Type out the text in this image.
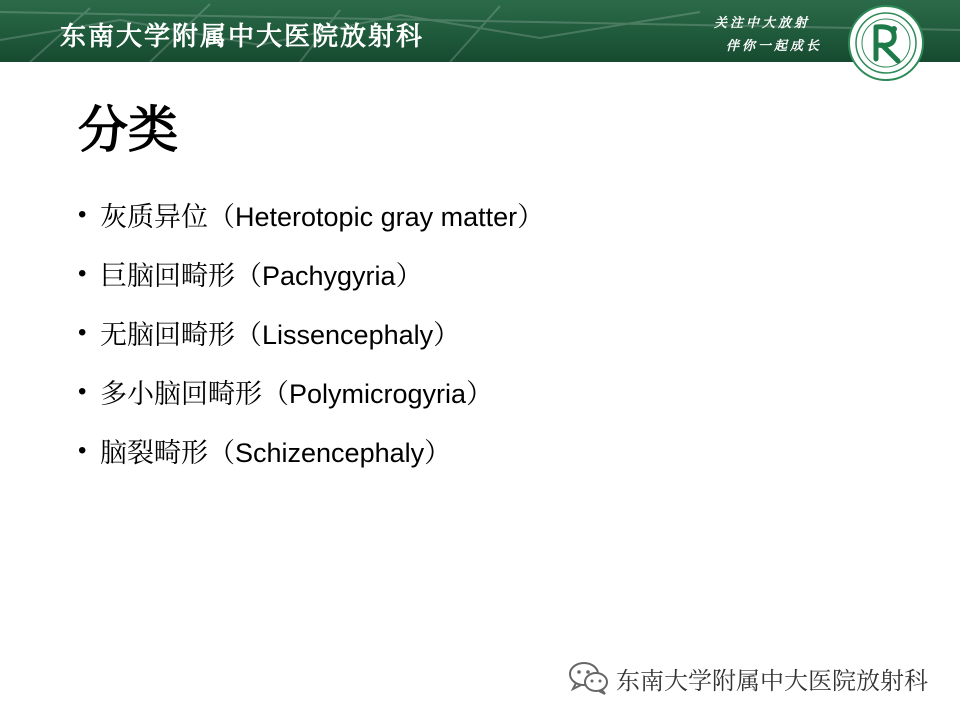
东南大学附属中大医院放射科	关注中大放射
伴你一起成长
分类
• 灰质异位（Heterotopic gray matter）
• 巨脑回畸形（Pachygyria）
• 无脑回畸形（Lissencephaly）
• 多小脑回畸形（Polymicrogyria）
• 脑裂畸形（Schizencephaly）
东南大学附属中大医院放射科
